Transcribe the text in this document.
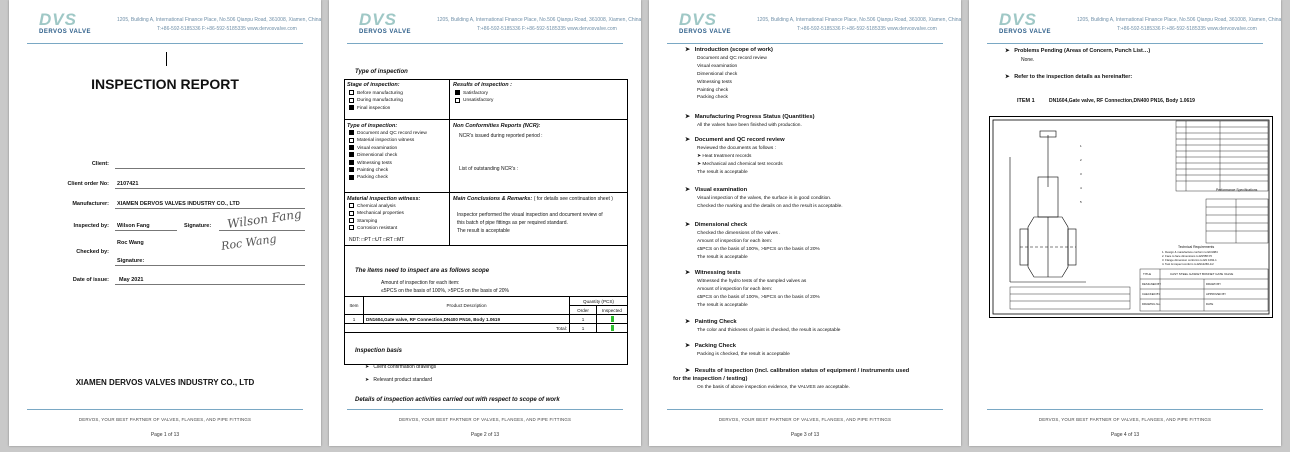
DVS
DERVOS VALVE
1205, Building A, International Finance Place, No.506 Qianpu Road, 361008, Xiamen, China
T:+86-592-5185336 F:+86-592-5185335 www.dervosvalve.com
INSPECTION REPORT
Client:
Client order No: 2107421
Manufacturer: XIAMEN DERVOS VALVES INDUSTRY CO., LTD
Inspected by: Wilson Fang	Signature: Wilson Fang
Checked by:
Roc Wang
Signature:
Roc Wang
Date of issue: May 2021
XIAMEN DERVOS VALVES INDUSTRY CO., LTD
DERVOS, YOUR BEST PARTNER OF VALVES, FLANGES, AND PIPE FITTINGS
Page 1 of 13
DVS
DERVOS VALVE
1205, Building A, International Finance Place, No.506 Qianpu Road, 361008, Xiamen, China
T:+86-592-5185336 F:+86-592-5185335 www.dervosvalve.com
Type of inspection
Stage of inspection:
Before manufacturing
During manufacturing
Final inspection
Results of inspection :
Satisfactory
Unsatisfactory
Type of inspection:
Document and QC record review
Material inspection witness
Visual examination
Dimensional check
Witnessing tests
Painting check
Packing check
Non Conformities Reports (NCR):
NCR’s issued during reported period :
List of outstanding NCR’s :
Material inspection witness:
Chemical analysis
Mechanical properties
Stamping
Corrosion resistant
NDT: □PT □UT □RT □MT
Main Conclusions & Remarks: ( for details see continuation sheet )
Inspector performed the visual inspection and document review of
this batch of pipe fittings as per required standard.
The result is acceptable
The items need to inspect are as follows scope
Amount of inspection for each item:
≤5PCS on the basis of 100%, >5PCS on the basis of 20%
Item	Product Description	Quantity (PCS)	
		Order	Inspected
1	DN1604,Gate valve, RF Connection,DN400 PN16, Body 1.0619	1	
Total:		1	
Inspection basis
➤   Client confirmation drawings
➤   Relevant product standard
Details of inspection activities carried out with respect to scope of work
DERVOS, YOUR BEST PARTNER OF VALVES, FLANGES, AND PIPE FITTINGS
Page 2 of 13
DVS
DERVOS VALVE
1205, Building A, International Finance Place, No.506 Qianpu Road, 361008, Xiamen, China
T:+86-592-5185336 F:+86-592-5185335 www.dervosvalve.com
➤   Introduction (scope of work)
Document and QC record review
Visual examination
Dimensional check
Witnessing tests
Painting check
Packing check
➤   Manufacturing Progress Status (Quantities)
All the valves have been finished with production.
➤   Document and QC record review
Reviewed the documents as follows :
➤ Heat treatment records
➤ Mechanical and chemical test records
The result is acceptable
➤   Visual examination
Visual inspection of the valves, the surface is in good condition.
Checked the marking and the details on and the result is acceptable.
➤   Dimensional check
Checked the dimensions of the valves .
Amount of inspection for each item:
≤5PCS on the basis of 100%, >5PCS on the basis of 20%
The result is acceptable
➤   Witnessing tests
Witnessed the hydro tests of the sampled valves as
Amount of inspection for each item:
≤5PCS on the basis of 100%, >5PCS on the basis of 20%
The result is acceptable
➤   Painting Check
The color and thickness of paint is checked, the result is acceptable
➤   Packing Check
Packing is checked, the result is acceptable
➤   Results of inspection (incl. calibration status of equipment / instruments used
for the inspection / testing)
On the basis of above inspection evidence, the VALVES are acceptable.
DERVOS, YOUR BEST PARTNER OF VALVES, FLANGES, AND PIPE FITTINGS
Page 3 of 13
DVS
DERVOS VALVE
1205, Building A, International Finance Place, No.506 Qianpu Road, 361008, Xiamen, China
T:+86-592-5185336 F:+86-592-5185335 www.dervosvalve.com
➤   Problems Pending (Areas of Concern, Punch List…)
None.
➤   Refer to the inspection details as hereinafter:
ITEM 1	DN1604,Gate valve, RF Connection,DN400 PN16, Body 1.0619
1
2
3
4
5
Performance Specifications
Technical Requirements
1. Design & manufacture conform to EN1984
2. Face to face dimensions to EN558 F5
3. Flange dimension conforms to EN 1092-1
4. Test & inspect conform to EN12266-1/2
TITLE	CAST STEEL GASKET BONNET GATE VALVE
DESIGNED BY
CHECKED BY
DRAWING No.
DRAWN BY
APPROVED BY
DATE
DERVOS, YOUR BEST PARTNER OF VALVES, FLANGES, AND PIPE FITTINGS
Page 4 of 13
